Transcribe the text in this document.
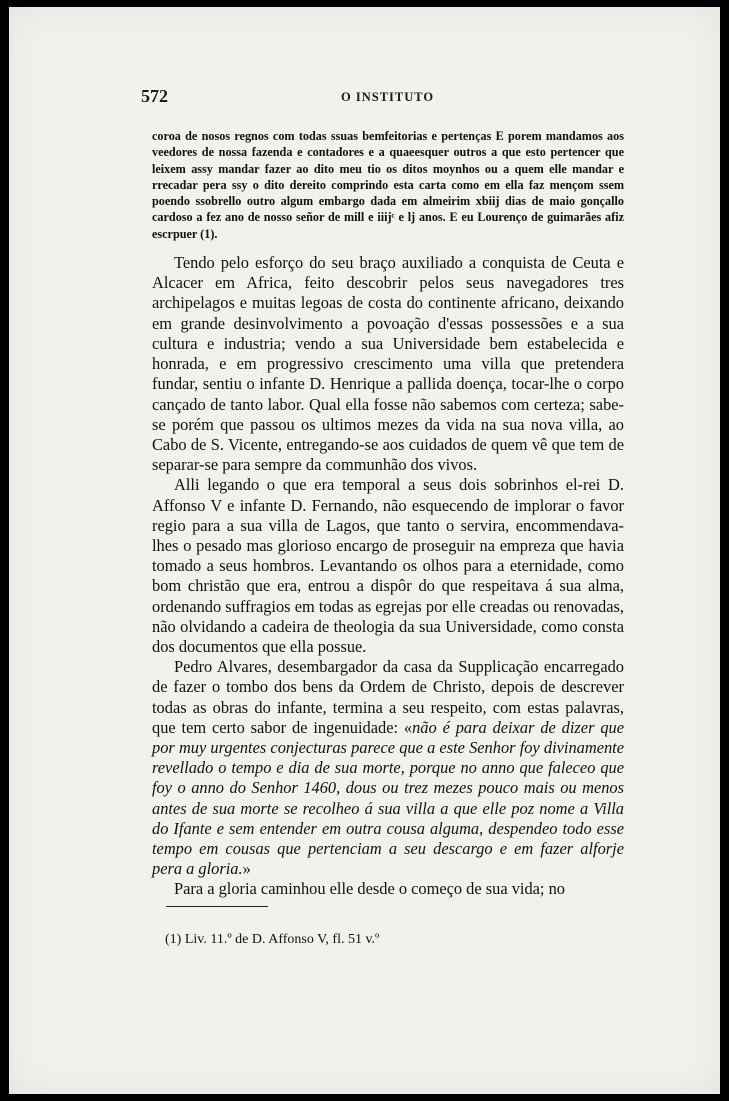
572	O INSTITUTO

coroa de nosos regnos com todas ssuas bemfeitorias e pertenças E porem mandamos aos veedores de nossa fazenda e contadores e a quaeesquer outros a que esto pertencer que leixem assy mandar fazer ao dito meu tio os ditos moynhos ou a quem elle mandar e rrecadar pera ssy o dito dereito comprindo esta carta como em ella faz mençom ssem poendo ssobrello outro algum embargo dada em almeirim xbiij dias de maio gonçallo cardoso a fez ano de nosso señor de mill e iiijᶜ e lj anos. E eu Lourenço de guimarães afiz escrpuer (1).

Tendo pelo esforço do seu braço auxiliado a conquista de Ceuta e Alcacer em Africa, feito descobrir pelos seus navegadores tres archipelagos e muitas legoas de costa do continente africano, deixando em grande desinvolvimento a povoação d'essas possessões e a sua cultura e industria; vendo a sua Universidade bem estabelecida e honrada, e em progressivo crescimento uma villa que pretendera fundar, sentiu o infante D. Henrique a pallida doença, tocar-lhe o corpo cançado de tanto labor. Qual ella fosse não sabemos com certeza; sabe-se porém que passou os ultimos mezes da vida na sua nova villa, ao Cabo de S. Vicente, entregando-se aos cuidados de quem vê que tem de separar-se para sempre da communhão dos vivos.

Alli legando o que era temporal a seus dois sobrinhos el-rei D. Affonso V e infante D. Fernando, não esquecendo de implorar o favor regio para a sua villa de Lagos, que tanto o servira, encommendava-lhes o pesado mas glorioso encargo de proseguir na empreza que havia tomado a seus hombros. Levantando os olhos para a eternidade, como bom christão que era, entrou a dispôr do que respeitava á sua alma, ordenando suffragios em todas as egrejas por elle creadas ou renovadas, não olvidando a cadeira de theologia da sua Universidade, como consta dos documentos que ella possue.

Pedro Alvares, desembargador da casa da Supplicação encarregado de fazer o tombo dos bens da Ordem de Christo, depois de descrever todas as obras do infante, termina a seu respeito, com estas palavras, que tem certo sabor de ingenuidade: «não é para deixar de dizer que por muy urgentes conjecturas parece que a este Senhor foy divinamente revellado o tempo e dia de sua morte, porque no anno que faleceo que foy o anno do Senhor 1460, dous ou trez mezes pouco mais ou menos antes de sua morte se recolheo á sua villa a que elle poz nome a Villa do Ifante e sem entender em outra cousa alguma, despendeo todo esse tempo em cousas que pertenciam a seu descargo e em fazer alforje pera a gloria.»

Para a gloria caminhou elle desde o começo de sua vida; no

(1) Liv. 11.º de D. Affonso V, fl. 51 v.º
